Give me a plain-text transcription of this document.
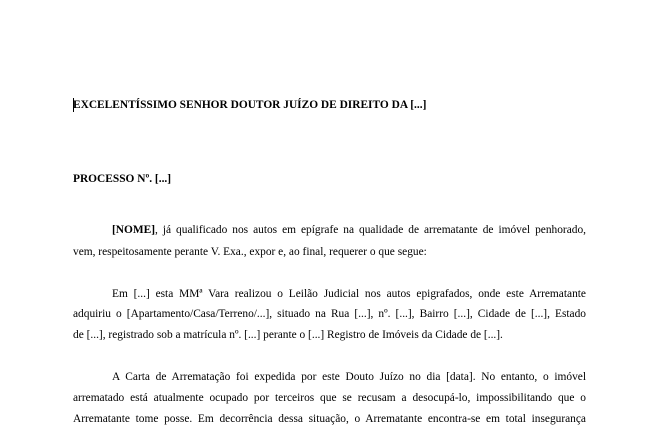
EXCELENTÍSSIMO SENHOR DOUTOR JUÍZO DE DIREITO DA [...]
PROCESSO Nº. [...]
[NOME], já qualificado nos autos em epígrafe na qualidade de arrematante de imóvel penhorado,
vem, respeitosamente perante V. Exa., expor e, ao final, requerer o que segue:
Em [...] esta MMª Vara realizou o Leilão Judicial nos autos epigrafados, onde este Arrematante
adquiriu o [Apartamento/Casa/Terreno/...], situado na Rua [...], nº. [...], Bairro [...], Cidade de [...], Estado
de [...], registrado sob a matrícula nº. [...] perante o [...] Registro de Imóveis da Cidade de [...].
A Carta de Arrematação foi expedida por este Douto Juízo no dia [data]. No entanto, o imóvel
arrematado está atualmente ocupado por terceiros que se recusam a desocupá-lo, impossibilitando que o
Arrematante tome posse. Em decorrência dessa situação, o Arrematante encontra-se em total insegurança
